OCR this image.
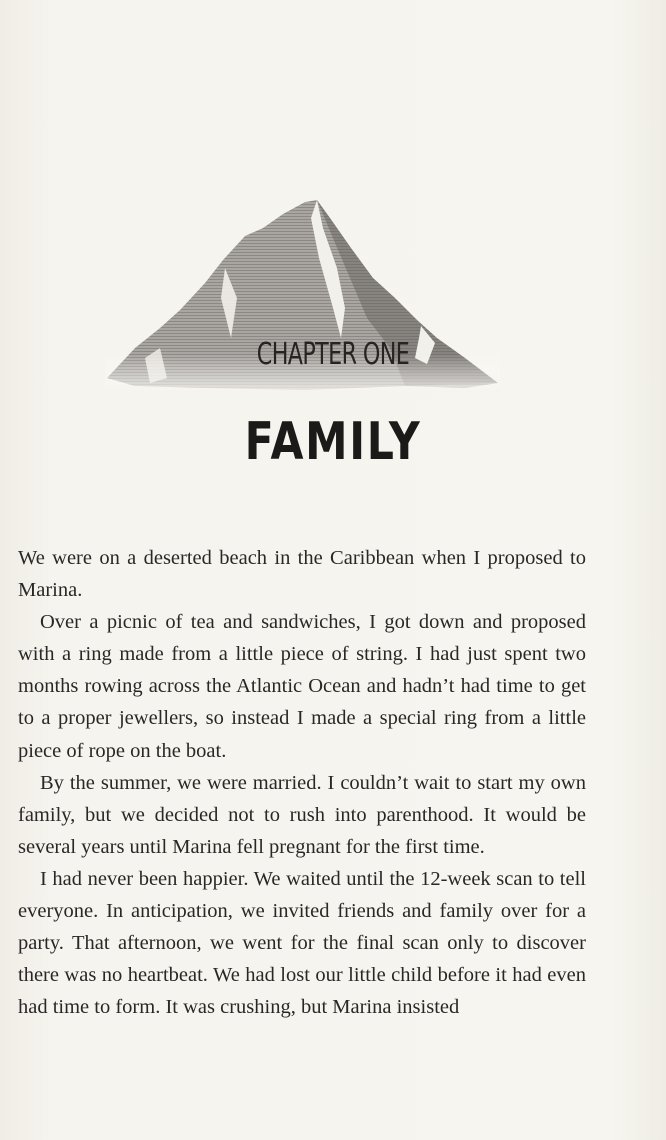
CHAPTER ONE
FAMILY

We were on a deserted beach in the Caribbean when I proposed to Marina.

Over a picnic of tea and sandwiches, I got down and proposed with a ring made from a little piece of string. I had just spent two months rowing across the Atlantic Ocean and hadn’t had time to get to a proper jewellers, so instead I made a special ring from a little piece of rope on the boat.

By the summer, we were married. I couldn’t wait to start my own family, but we decided not to rush into parenthood. It would be several years until Marina fell pregnant for the first time.

I had never been happier. We waited until the 12-week scan to tell everyone. In anticipation, we invited friends and family over for a party. That afternoon, we went for the final scan only to discover there was no heartbeat. We had lost our little child before it had even had time to form. It was crushing, but Marina insisted
